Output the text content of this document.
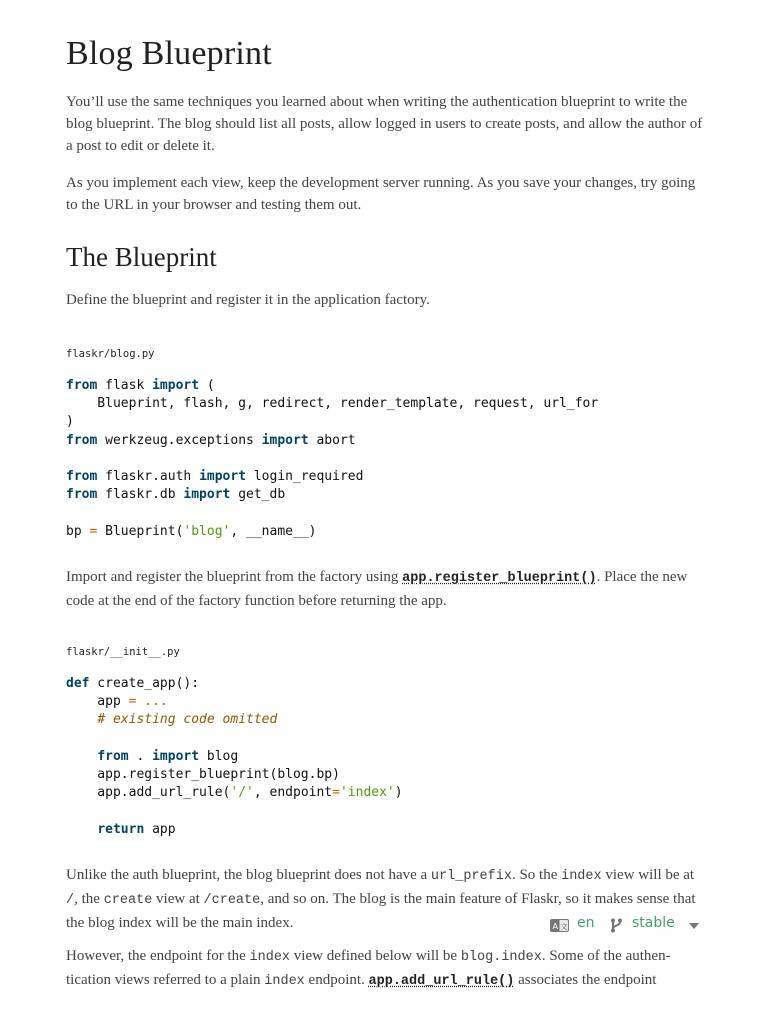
Blog Blueprint

You’ll use the same techniques you learned about when writing the authentication blueprint to write the blog blueprint. The blog should list all posts, allow logged in users to create posts, and allow the author of a post to edit or delete it.

As you implement each view, keep the development server running. As you save your changes, try going to the URL in your browser and testing them out.

The Blueprint

Define the blueprint and register it in the application factory.

flaskr/blog.py
from flask import (
Blueprint, flash, g, redirect, render_template, request, url_for
)
from werkzeug.exceptions import abort

from flaskr.auth import login_required
from flaskr.db import get_db

bp = Blueprint('blog', __name__)

Import and register the blueprint from the factory using app.register_blueprint(). Place the new code at the end of the factory function before returning the app.

flaskr/__init__.py
def create_app():
app = ...
# existing code omitted

from . import blog
app.register_blueprint(blog.bp)
app.add_url_rule('/', endpoint='index')

return app

Unlike the auth blueprint, the blog blueprint does not have a url_prefix. So the index view will be at /, the create view at /create, and so on. The blog is the main feature of Flaskr, so it makes sense that the blog index will be the main index.

However, the endpoint for the index view defined below will be blog.index. Some of the authentication views referred to a plain index endpoint. app.add_url_rule() associates the endpoint

A 文 en	stable
